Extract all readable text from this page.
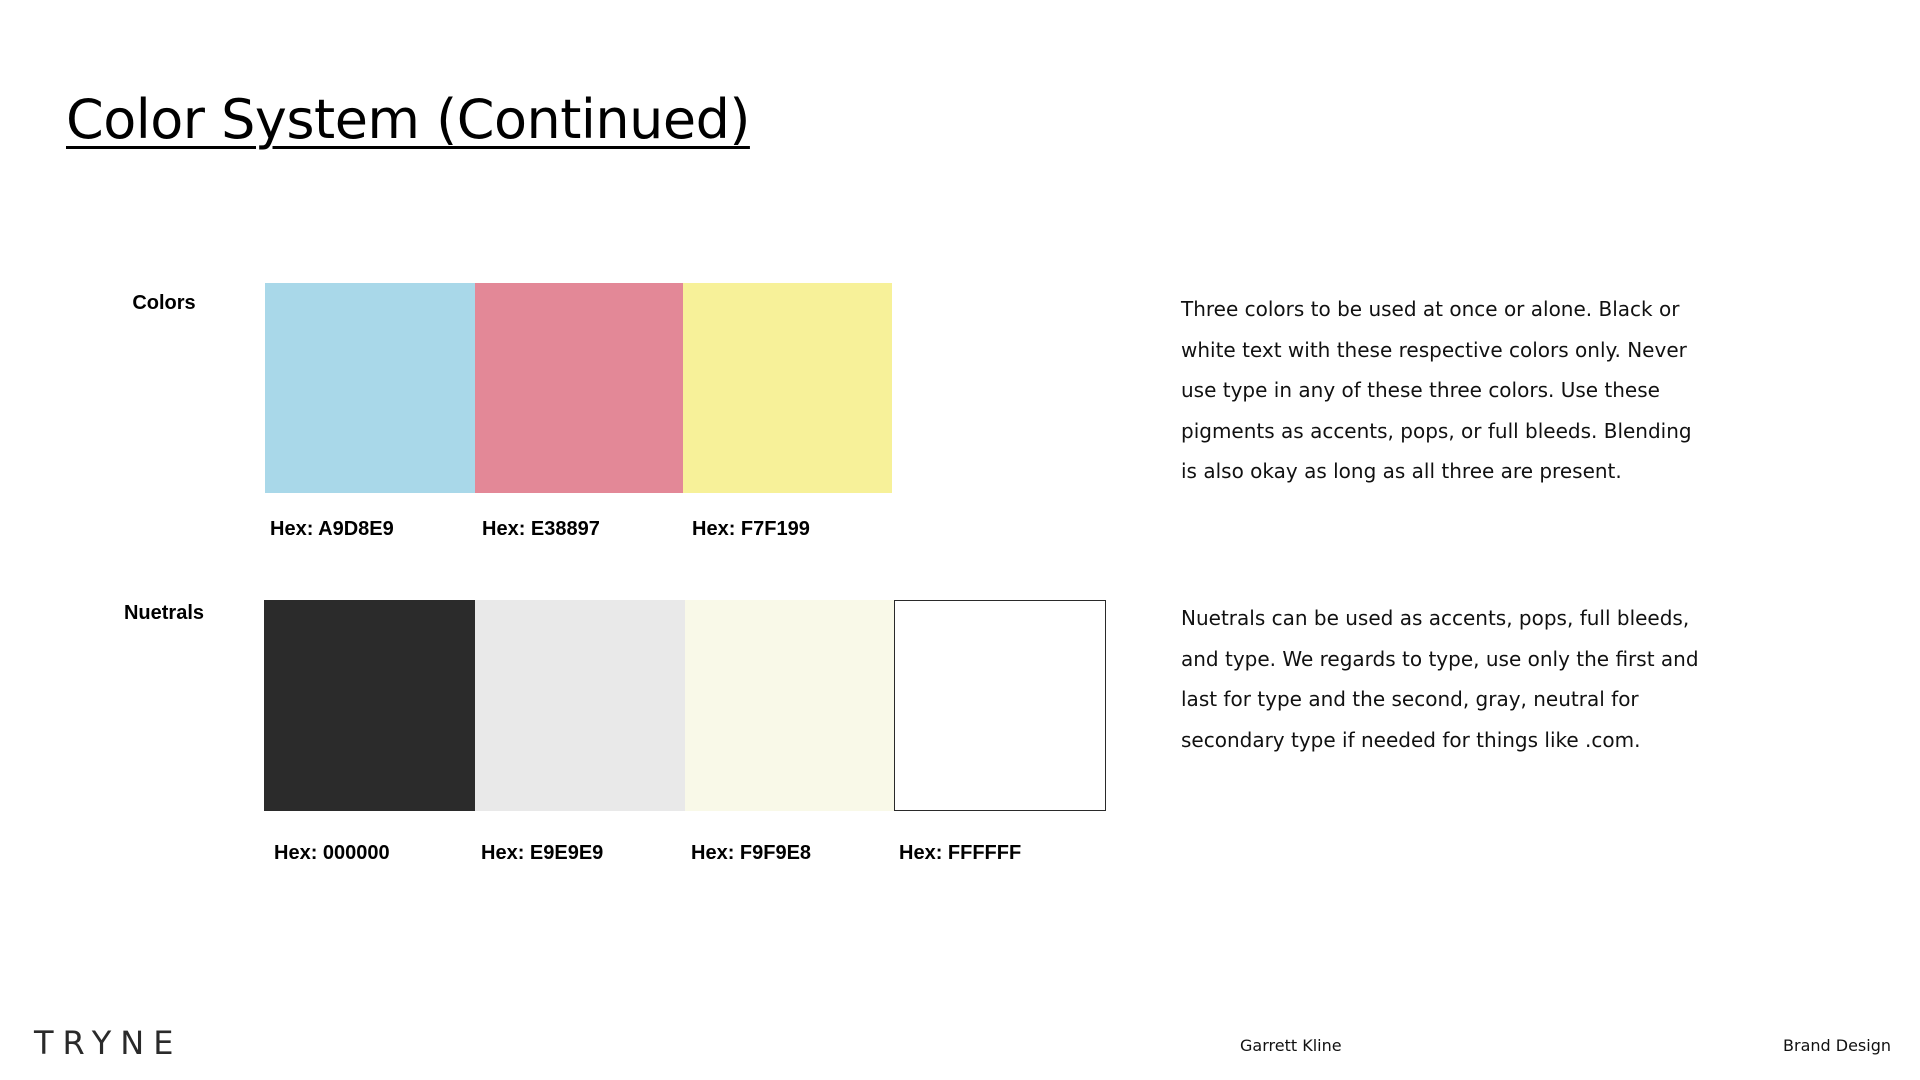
Color System (Continued)
Colors
Hex: A9D8E9	Hex: E38897	Hex: F7F199

Three colors to be used at once or alone. Black or white text with these respective colors only. Never use type in any of these three colors. Use these pigments as accents, pops, or full bleeds. Blending is also okay as long as all three are present.

Nuetrals
Hex: 000000	Hex: E9E9E9	Hex: F9F9E8	Hex: FFFFFF

Nuetrals can be used as accents, pops, full bleeds, and type. We regards to type, use only the first and last for type and the second, gray, neutral for secondary type if needed for things like .com.

TRYNE	Garrett Kline	Brand Design
